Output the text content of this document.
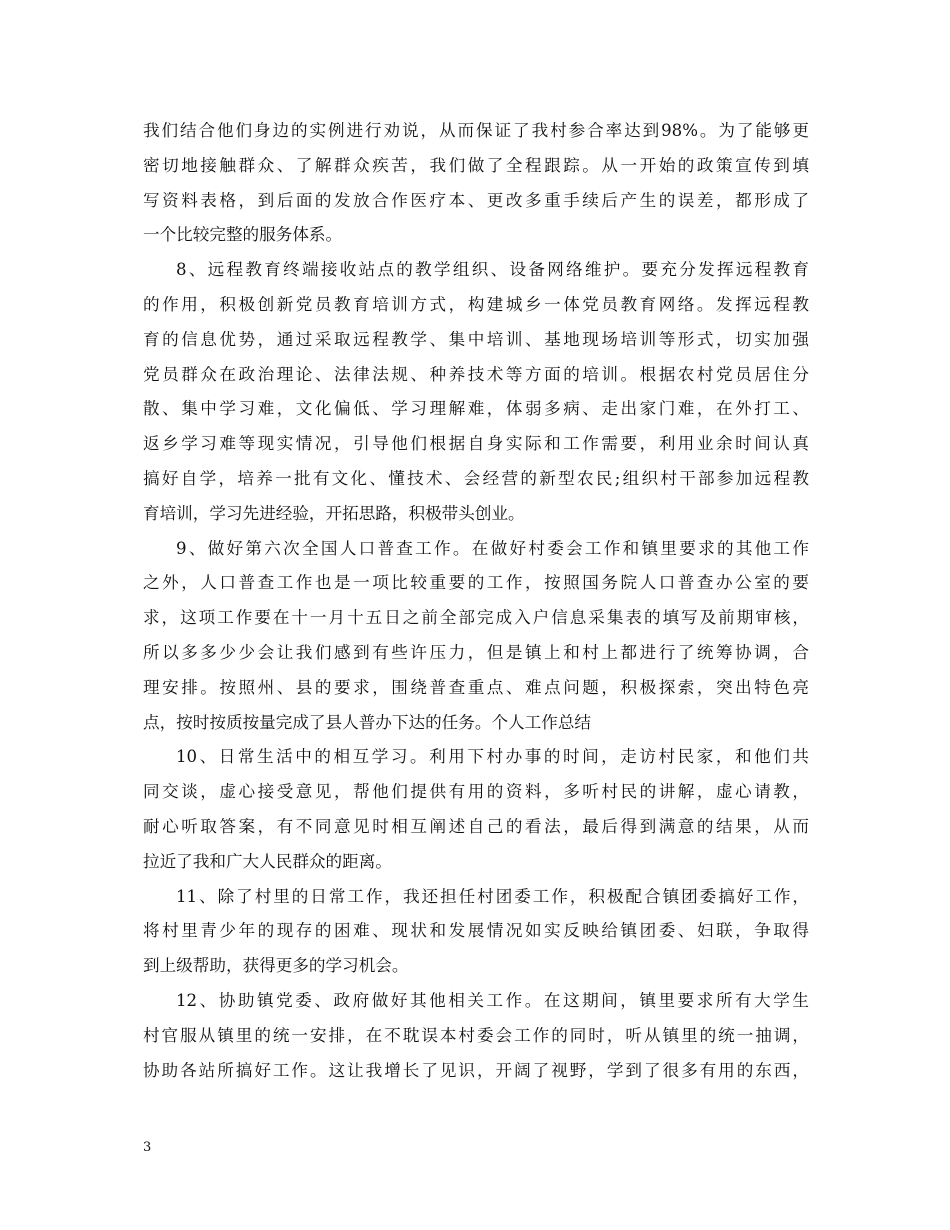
我们结合他们身边的实例进行劝说，从而保证了我村参合率达到98%。为了能够更
密切地接触群众、了解群众疾苦，我们做了全程跟踪。从一开始的政策宣传到填
写资料表格，到后面的发放合作医疗本、更改多重手续后产生的误差，都形成了
一个比较完整的服务体系。
8、远程教育终端接收站点的教学组织、设备网络维护。要充分发挥远程教育
的作用，积极创新党员教育培训方式，构建城乡一体党员教育网络。发挥远程教
育的信息优势，通过采取远程教学、集中培训、基地现场培训等形式，切实加强
党员群众在政治理论、法律法规、种养技术等方面的培训。根据农村党员居住分
散、集中学习难，文化偏低、学习理解难，体弱多病、走出家门难，在外打工、
返乡学习难等现实情况，引导他们根据自身实际和工作需要，利用业余时间认真
搞好自学，培养一批有文化、懂技术、会经营的新型农民;组织村干部参加远程教
育培训，学习先进经验，开拓思路，积极带头创业。
9、做好第六次全国人口普查工作。在做好村委会工作和镇里要求的其他工作
之外，人口普查工作也是一项比较重要的工作，按照国务院人口普查办公室的要
求，这项工作要在十一月十五日之前全部完成入户信息采集表的填写及前期审核，
所以多多少少会让我们感到有些许压力，但是镇上和村上都进行了统筹协调，合
理安排。按照州、县的要求，围绕普查重点、难点问题，积极探索，突出特色亮
点，按时按质按量完成了县人普办下达的任务。个人工作总结
10、日常生活中的相互学习。利用下村办事的时间，走访村民家，和他们共
同交谈，虚心接受意见，帮他们提供有用的资料，多听村民的讲解，虚心请教，
耐心听取答案，有不同意见时相互阐述自己的看法，最后得到满意的结果，从而
拉近了我和广大人民群众的距离。
11、除了村里的日常工作，我还担任村团委工作，积极配合镇团委搞好工作，
将村里青少年的现存的困难、现状和发展情况如实反映给镇团委、妇联，争取得
到上级帮助，获得更多的学习机会。
12、协助镇党委、政府做好其他相关工作。在这期间，镇里要求所有大学生
村官服从镇里的统一安排，在不耽误本村委会工作的同时，听从镇里的统一抽调，
协助各站所搞好工作。这让我增长了见识，开阔了视野，学到了很多有用的东西，
3
